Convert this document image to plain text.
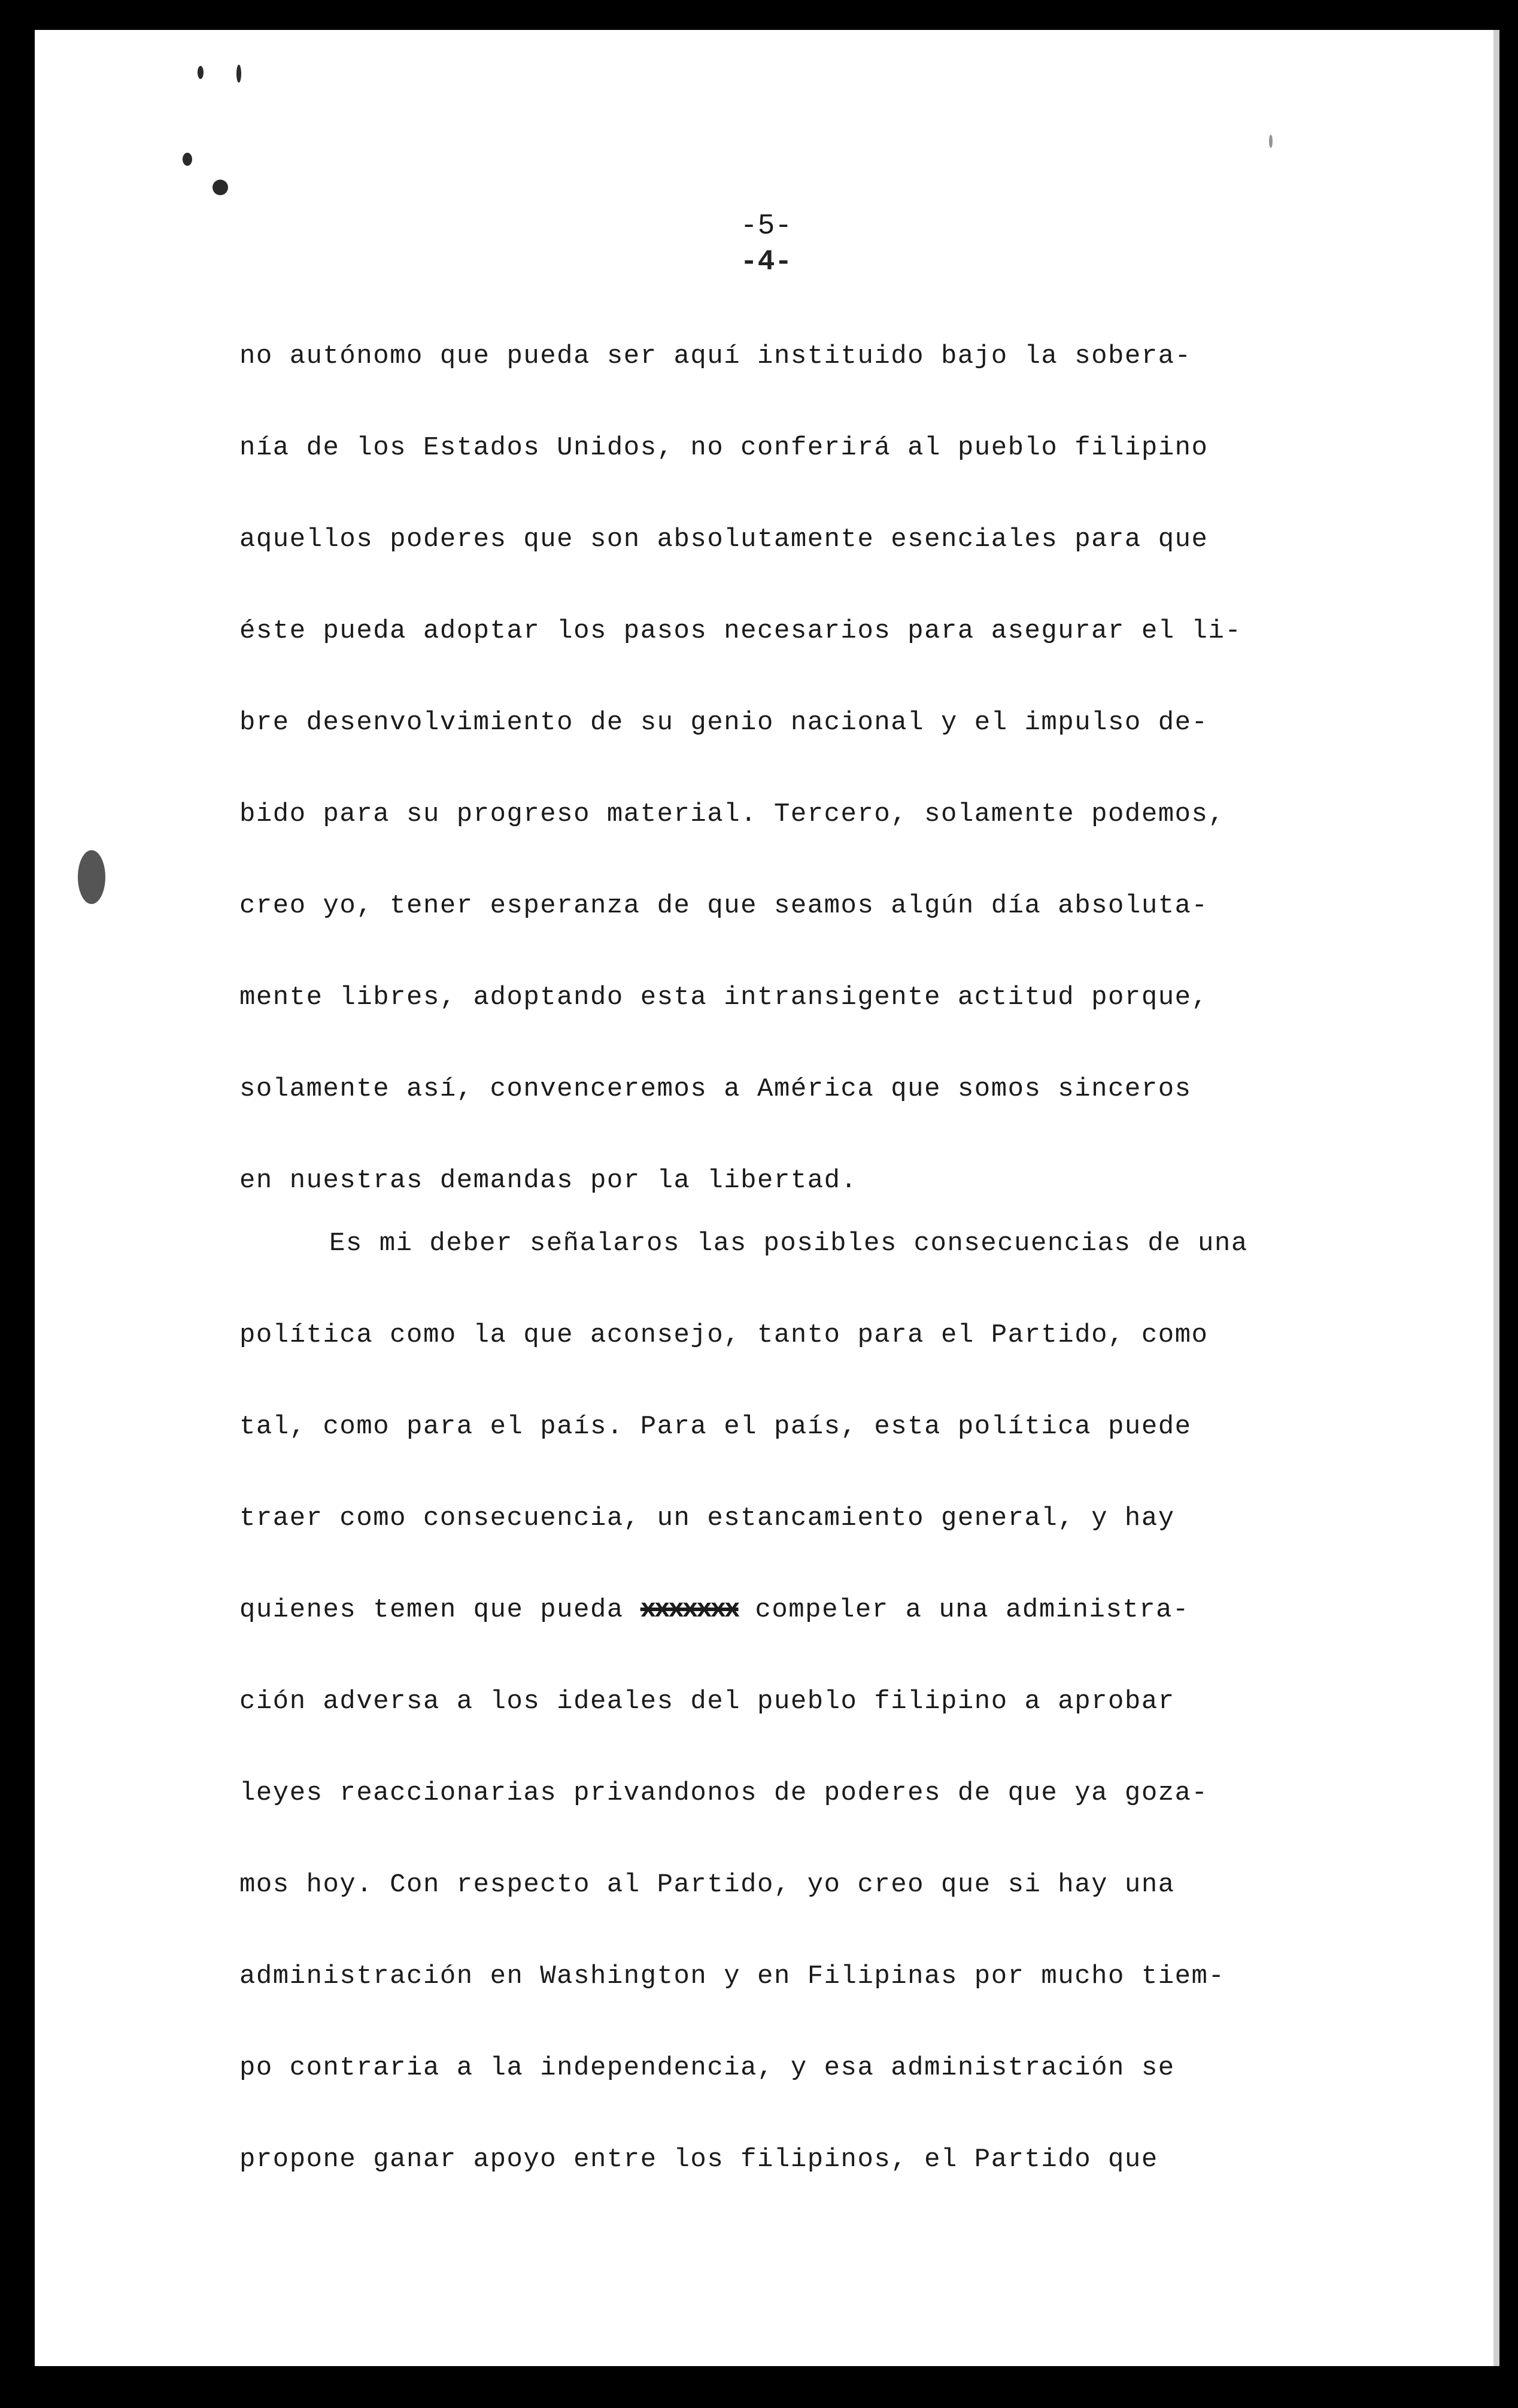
-5-
-4-
no autónomo que pueda ser aquí instituido bajo la sobera-
nía de los Estados Unidos, no conferirá al pueblo filipino
aquellos poderes que son absolutamente esenciales para que
éste pueda adoptar los pasos necesarios para asegurar el li-
bre desenvolvimiento de su genio nacional y el impulso de-
bido para su progreso material. Tercero, solamente podemos,
creo yo, tener esperanza de que seamos algún día absoluta-
mente libres, adoptando esta intransigente actitud porque,
solamente así, convenceremos a América que somos sinceros
en nuestras demandas por la libertad.
Es mi deber señalaros las posibles consecuencias de una
política como la que aconsejo, tanto para el Partido, como
tal, como para el país. Para el país, esta política puede
traer como consecuencia, un estancamiento general, y hay
quienes temen que pueda xxxxxxx compeler a una administra-
ción adversa a los ideales del pueblo filipino a aprobar
leyes reaccionarias privandonos de poderes de que ya goza-
mos hoy. Con respecto al Partido, yo creo que si hay una
administración en Washington y en Filipinas por mucho tiem-
po contraria a la independencia, y esa administración se
propone ganar apoyo entre los filipinos, el Partido que
